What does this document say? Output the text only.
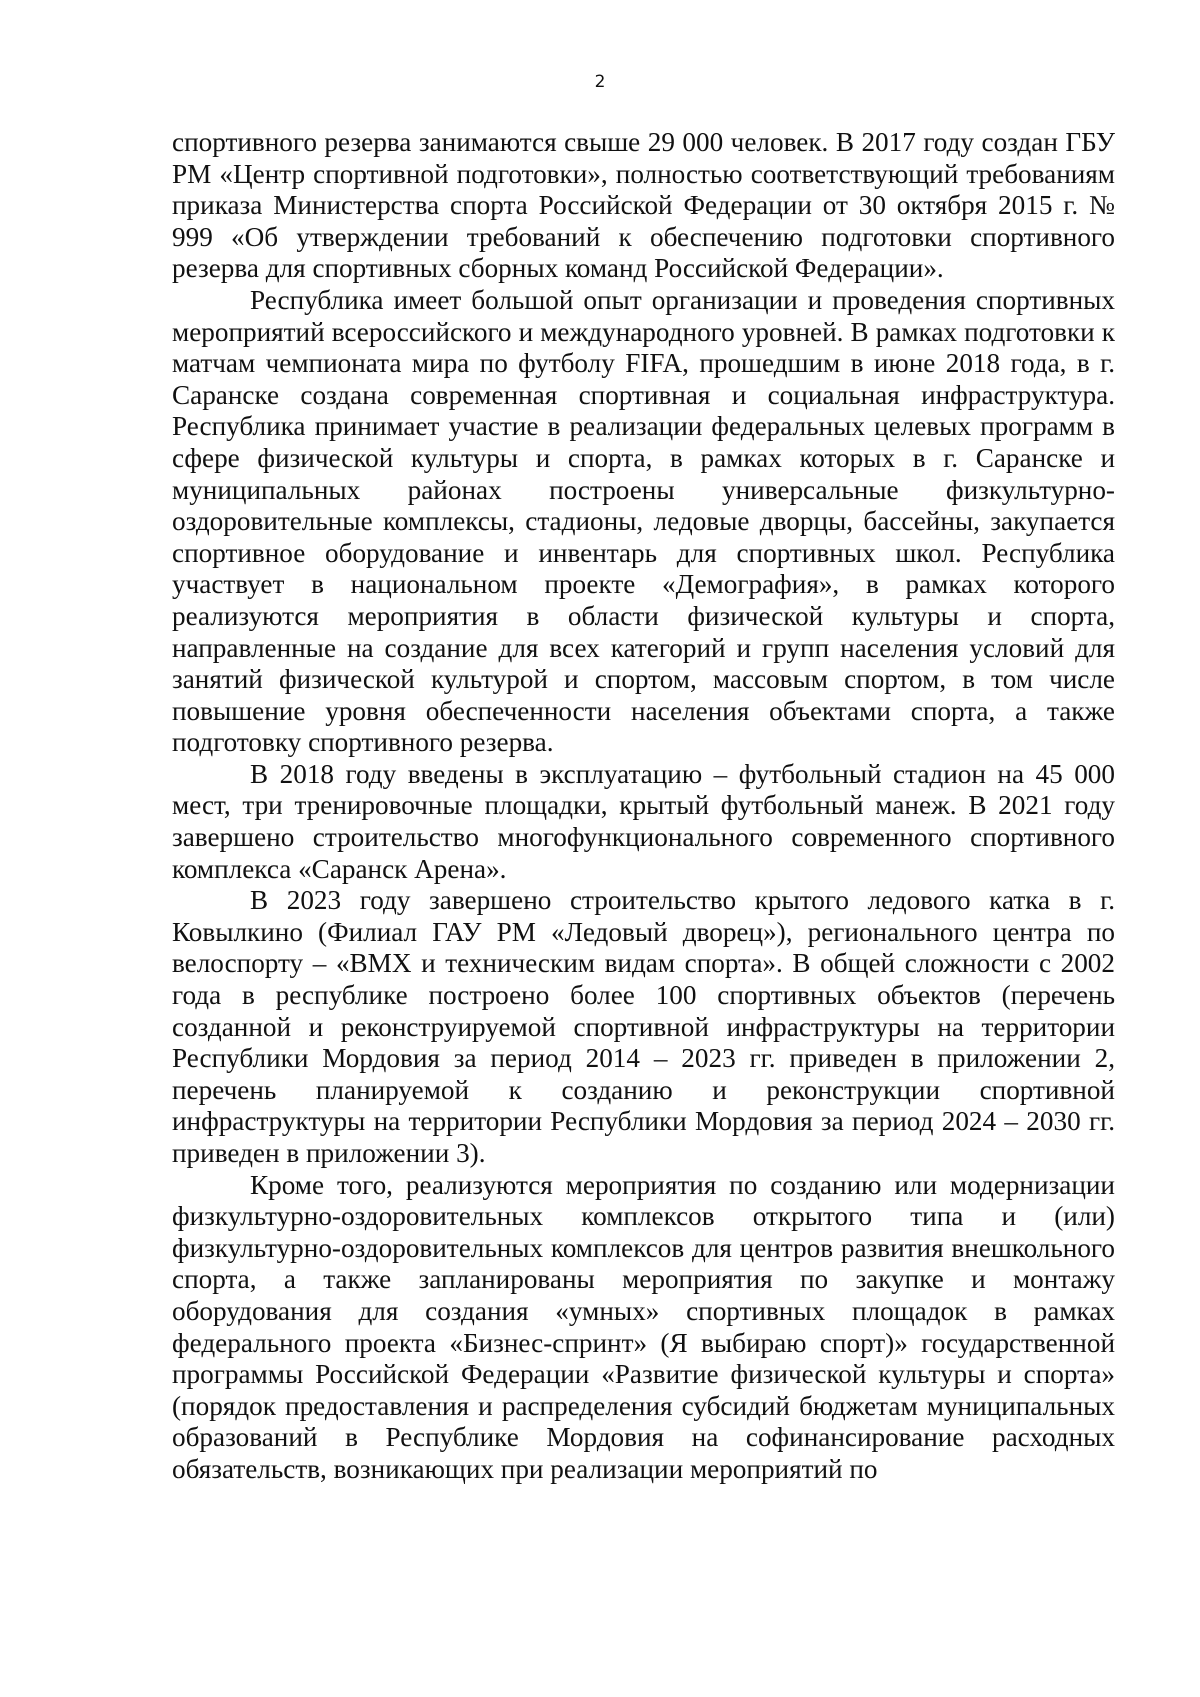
2

спортивного резерва занимаются свыше 29 000 человек. В 2017 году создан ГБУ РМ «Центр спортивной подготовки», полностью соответствующий требованиям приказа Министерства спорта Российской Федерации от 30 октября 2015 г. № 999 «Об утверждении требований к обеспечению подготовки спортивного резерва для спортивных сборных команд Российской Федерации».

Республика имеет большой опыт организации и проведения спортивных мероприятий всероссийского и международного уровней. В рамках подготовки к матчам чемпионата мира по футболу FIFA, прошедшим в июне 2018 года, в г. Саранске создана современная спортивная и социальная инфраструктура. Республика принимает участие в реализации федеральных целевых программ в сфере физической культуры и спорта, в рамках которых в г. Саранске и муниципальных районах построены универсальные физкультурно-оздоровительные комплексы, стадионы, ледовые дворцы, бассейны, закупается спортивное оборудование и инвентарь для спортивных школ. Республика участвует в национальном проекте «Демография», в рамках которого реализуются мероприятия в области физической культуры и спорта, направленные на создание для всех категорий и групп населения условий для занятий физической культурой и спортом, массовым спортом, в том числе повышение уровня обеспеченности населения объектами спорта, а также подготовку спортивного резерва.

В 2018 году введены в эксплуатацию – футбольный стадион на 45 000 мест, три тренировочные площадки, крытый футбольный манеж. В 2021 году завершено строительство многофункционального современного спортивного комплекса «Саранск Арена».

В 2023 году завершено строительство крытого ледового катка в г. Ковылкино (Филиал ГАУ РМ «Ледовый дворец»), регионального центра по велоспорту – «ВМХ и техническим видам спорта». В общей сложности с 2002 года в республике построено более 100 спортивных объектов (перечень созданной и реконструируемой спортивной инфраструктуры на территории Республики Мордовия за период 2014 – 2023 гг. приведен в приложении 2, перечень планируемой к созданию и реконструкции спортивной инфраструктуры на территории Республики Мордовия за период 2024 – 2030 гг. приведен в приложении 3).

Кроме того, реализуются мероприятия по созданию или модернизации физкультурно-оздоровительных комплексов открытого типа и (или) физкультурно-оздоровительных комплексов для центров развития внешкольного спорта, а также запланированы мероприятия по закупке и монтажу оборудования для создания «умных» спортивных площадок в рамках федерального проекта «Бизнес-спринт» (Я выбираю спорт)» государственной программы Российской Федерации «Развитие физической культуры и спорта» (порядок предоставления и распределения субсидий бюджетам муниципальных образований в Республике Мордовия на софинансирование расходных обязательств, возникающих при реализации мероприятий по
